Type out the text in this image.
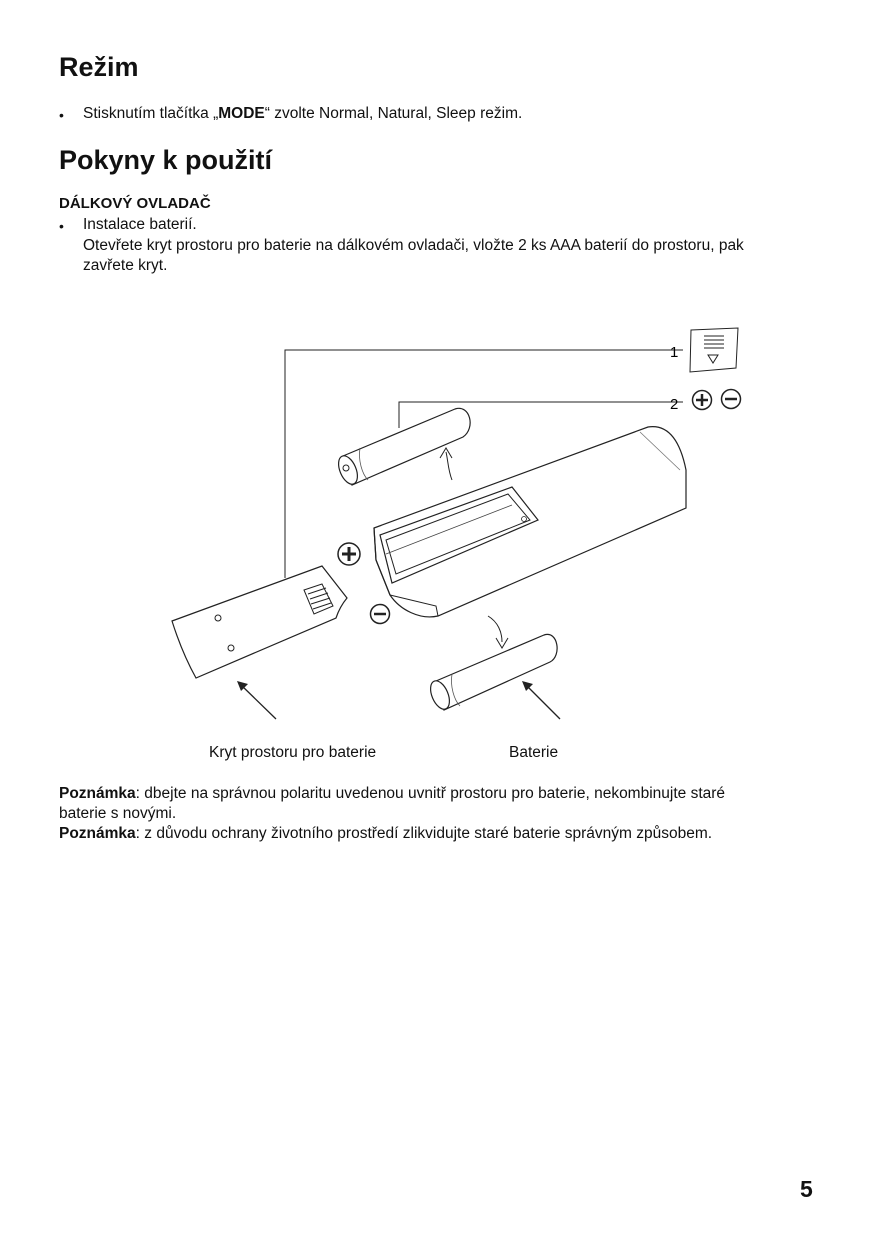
Režim
• Stisknutím tlačítka „MODE“ zvolte Normal, Natural, Sleep režim.
Pokyny k použití
DÁLKOVÝ OVLADAČ
• Instalace baterií.
Otevřete kryt prostoru pro baterie na dálkovém ovladači, vložte 2 ks AAA baterií do prostoru, pak
zavřete kryt.
1
2
Kryt prostoru pro baterie	Baterie
Poznámka: dbejte na správnou polaritu uvedenou uvnitř prostoru pro baterie, nekombinujte staré
baterie s novými.
Poznámka: z důvodu ochrany životního prostředí zlikvidujte staré baterie správným způsobem.
5
